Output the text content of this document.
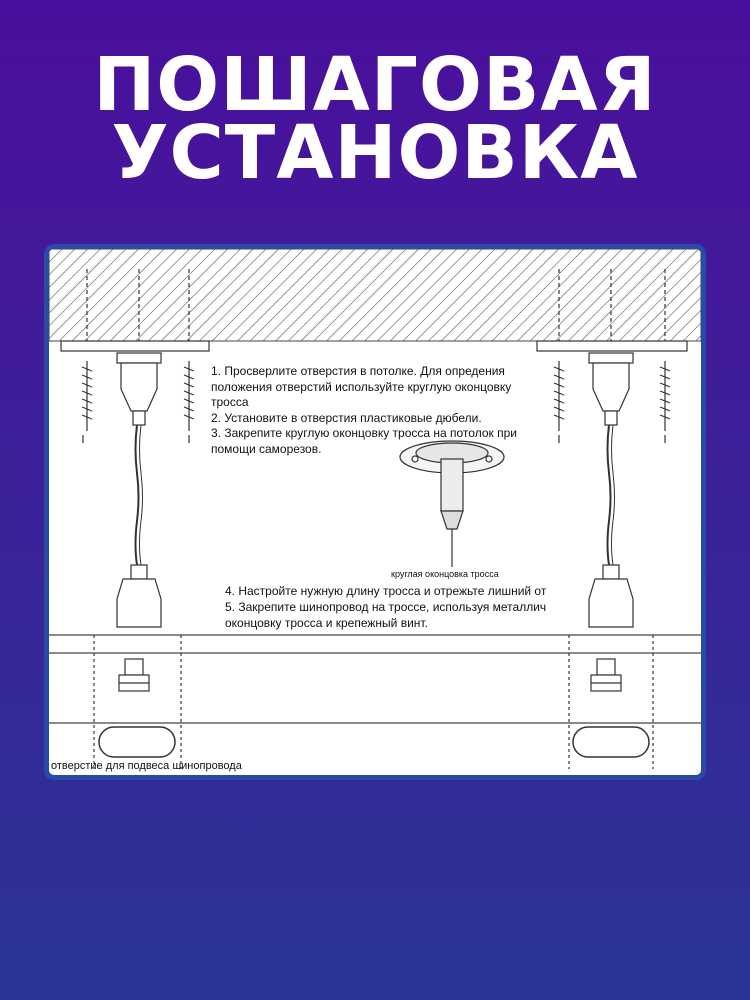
ПОШАГОВАЯ
УСТАНОВКА
1. Просверлите отверстия в потолке. Для опредения
положения отверстий используйте круглую оконцовку
тросса
2. Установите в отверстия пластиковые дюбели.
3. Закрепите круглую оконцовку тросса на потолок при
помощи саморезов.
круглая оконцовка тросса
4. Настройте нужную длину тросса и отрежьте лишний от
5. Закрепите шинопровод на троссе, используя металлич
оконцовку тросса и крепежный винт.
отверстие для подвеса шинопровода
